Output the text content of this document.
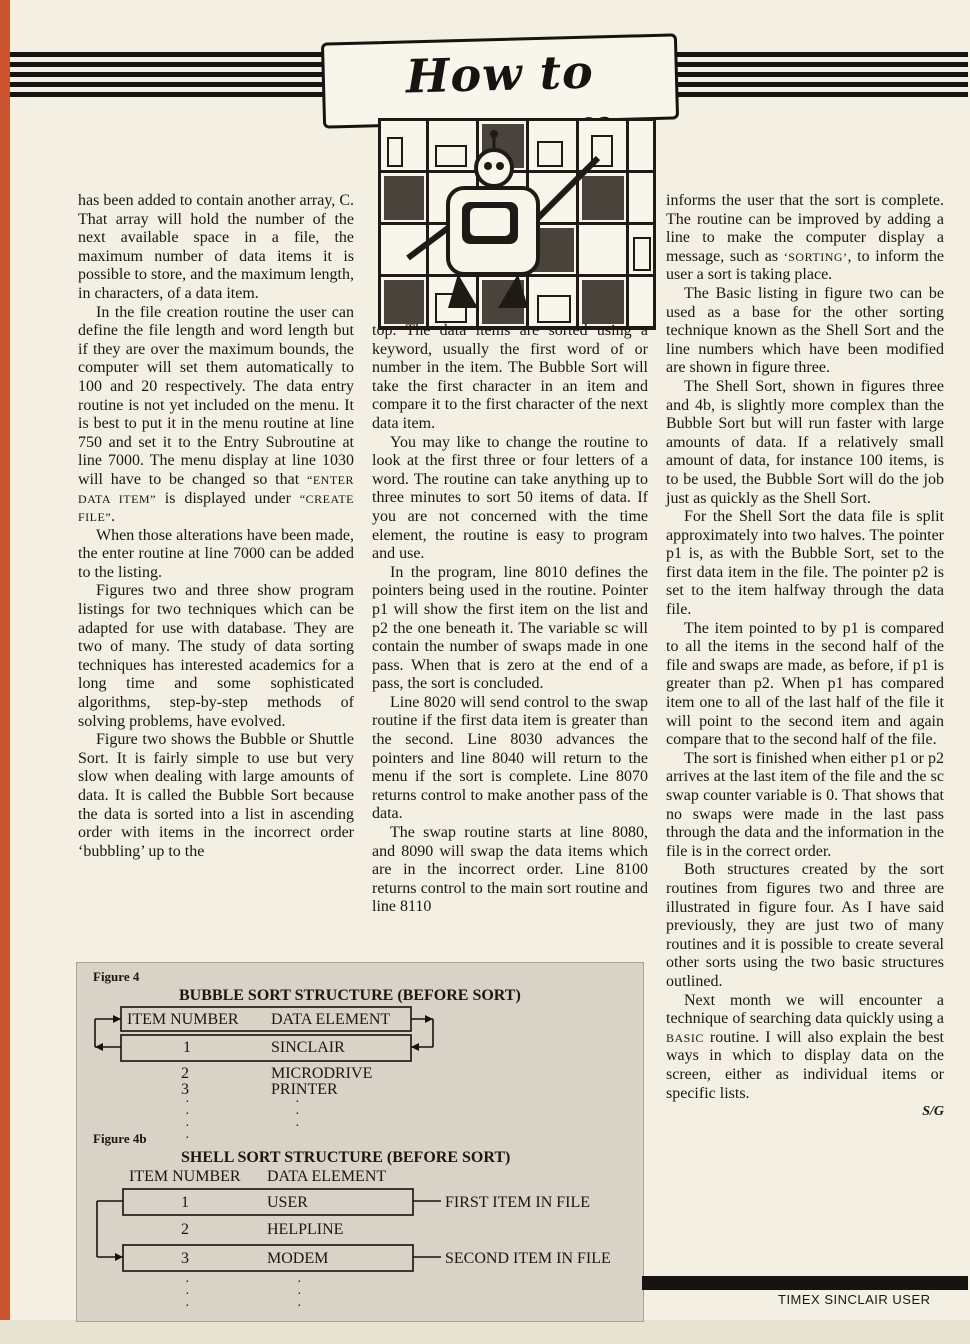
How to

has been added to contain another array, C. That array will hold the number of the next available space in a file, the maximum number of data items it is possible to store, and the maximum length, in characters, of a data item.

In the file creation routine the user can define the file length and word length but if they are over the maximum bounds, the computer will set them automatically to 100 and 20 respectively. The data entry routine is not yet included on the menu. It is best to put it in the menu routine at line 750 and set it to the Entry Subroutine at line 7000. The menu display at line 1030 will have to be changed so that “ENTER DATA ITEM” is displayed under “CREATE FILE”.

When those alterations have been made, the enter routine at line 7000 can be added to the listing.

Figures two and three show program listings for two techniques which can be adapted for use with database. They are two of many. The study of data sorting techniques has interested academics for a long time and some sophisticated algorithms, step-by-step methods of solving problems, have evolved.

Figure two shows the Bubble or Shuttle Sort. It is fairly simple to use but very slow when dealing with large amounts of data. It is called the Bubble Sort because the data is sorted into a list in ascending order with items in the incorrect order ‘bubbling’ up to the

top. The data items are sorted using a keyword, usually the first word of or number in the item. The Bubble Sort will take the first character in an item and compare it to the first character of the next data item.

You may like to change the routine to look at the first three or four letters of a word. The routine can take anything up to three minutes to sort 50 items of data. If you are not concerned with the time element, the routine is easy to program and use.

In the program, line 8010 defines the pointers being used in the routine. Pointer p1 will show the first item on the list and p2 the one beneath it. The variable sc will contain the number of swaps made in one pass. When that is zero at the end of a pass, the sort is concluded.

Line 8020 will send control to the swap routine if the first data item is greater than the second. Line 8030 advances the pointers and line 8040 will return to the menu if the sort is complete. Line 8070 returns control to make another pass of the data.

The swap routine starts at line 8080, and 8090 will swap the data items which are in the incorrect order. Line 8100 returns control to the main sort routine and line 8110

informs the user that the sort is complete. The routine can be improved by adding a line to make the computer display a message, such as ‘SORTING’, to inform the user a sort is taking place.

The Basic listing in figure two can be used as a base for the other sorting technique known as the Shell Sort and the line numbers which have been modified are shown in figure three.

The Shell Sort, shown in figures three and 4b, is slightly more complex than the Bubble Sort but will run faster with large amounts of data. If a relatively small amount of data, for instance 100 items, is to be used, the Bubble Sort will do the job just as quickly as the Shell Sort.

For the Shell Sort the data file is split approximately into two halves. The pointer p1 is, as with the Bubble Sort, set to the first data item in the file. The pointer p2 is set to the item halfway through the data file.

The item pointed to by p1 is compared to all the items in the second half of the file and swaps are made, as before, if p1 is greater than p2. When p1 has compared item one to all of the last half of the file it will point to the second item and again compare that to the second half of the file.

The sort is finished when either p1 or p2 arrives at the last item of the file and the sc swap counter variable is 0. That shows that no swaps were made in the last pass through the data and the information in the file is in the correct order.

Both structures created by the sort routines from figures two and three are illustrated in figure four. As I have said previously, they are just two of many routines and it is possible to create several other sorts using the two basic structures outlined.

Next month we will encounter a technique of searching data quickly using a BASIC routine. I will also explain the best ways in which to display data on the screen, either as individual items or specific lists.

S/G
Figure 4
BUBBLE SORT STRUCTURE (BEFORE SORT)
ITEM NUMBER DATA ELEMENT
1	SINCLAIR
2	MICRODRIVE
3	PRINTER
·
·
·
·
·
·
Figure 4b	·
SHELL SORT STRUCTURE (BEFORE SORT)
ITEM NUMBER DATA ELEMENT
1	USER	FIRST ITEM IN FILE
2	HELPLINE
3	MODEM	SECOND ITEM IN FILE
·
·
·
·
·
·	TIMEX SINCLAIR USER
